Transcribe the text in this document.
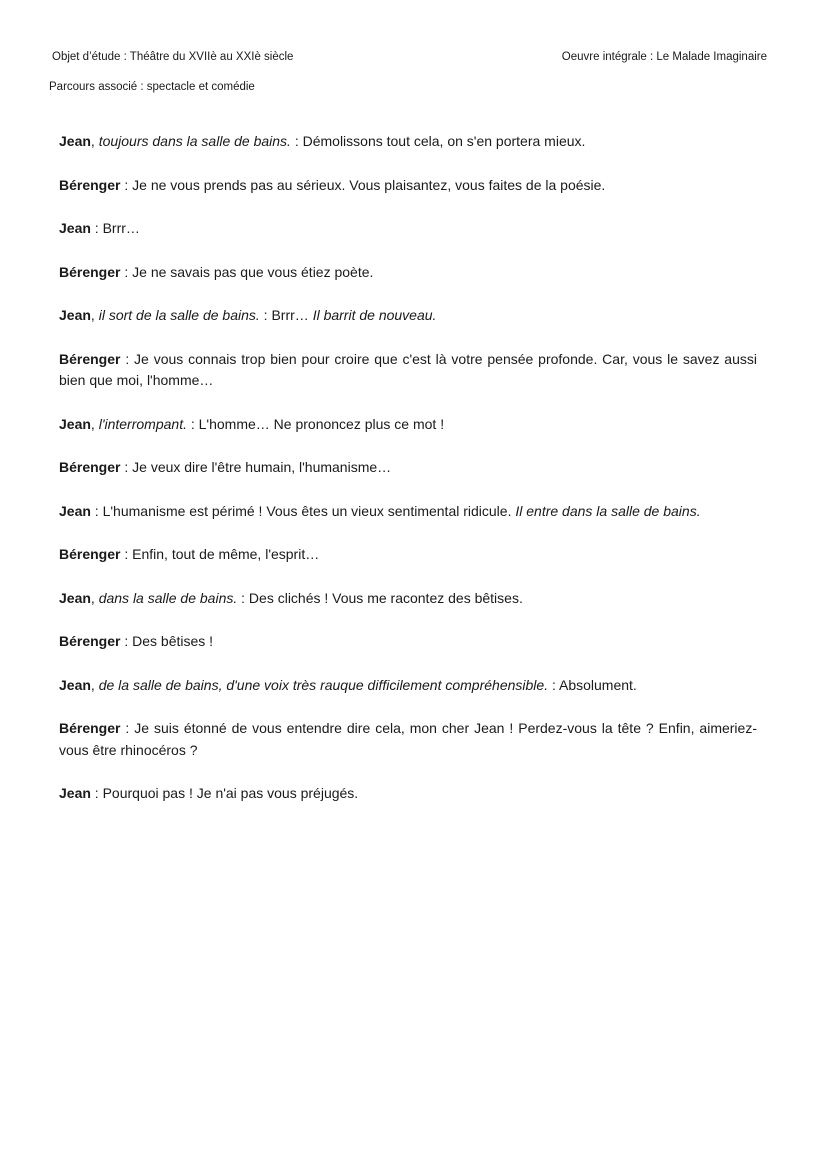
Objet d’étude : Théâtre du XVIIè au XXIè siècle	Oeuvre intégrale : Le Malade Imaginaire
Parcours associé : spectacle et comédie

Jean, toujours dans la salle de bains. : Démolissons tout cela, on s'en portera mieux.

Bérenger : Je ne vous prends pas au sérieux. Vous plaisantez, vous faites de la poésie.

Jean : Brrr…

Bérenger : Je ne savais pas que vous étiez poète.

Jean, il sort de la salle de bains. : Brrr… Il barrit de nouveau.

Bérenger : Je vous connais trop bien pour croire que c'est là votre pensée profonde. Car, vous le savez aussi bien que moi, l'homme…

Jean, l'interrompant. : L'homme… Ne prononcez plus ce mot !

Bérenger : Je veux dire l'être humain, l'humanisme…

Jean : L'humanisme est périmé ! Vous êtes un vieux sentimental ridicule. Il entre dans la salle de bains.

Bérenger : Enfin, tout de même, l'esprit…

Jean, dans la salle de bains. : Des clichés ! Vous me racontez des bêtises.

Bérenger : Des bêtises !

Jean, de la salle de bains, d'une voix très rauque difficilement compréhensible. : Absolument.

Bérenger : Je suis étonné de vous entendre dire cela, mon cher Jean ! Perdez-vous la tête ? Enfin, aimeriez-vous être rhinocéros ?

Jean : Pourquoi pas ! Je n'ai pas vous préjugés.
